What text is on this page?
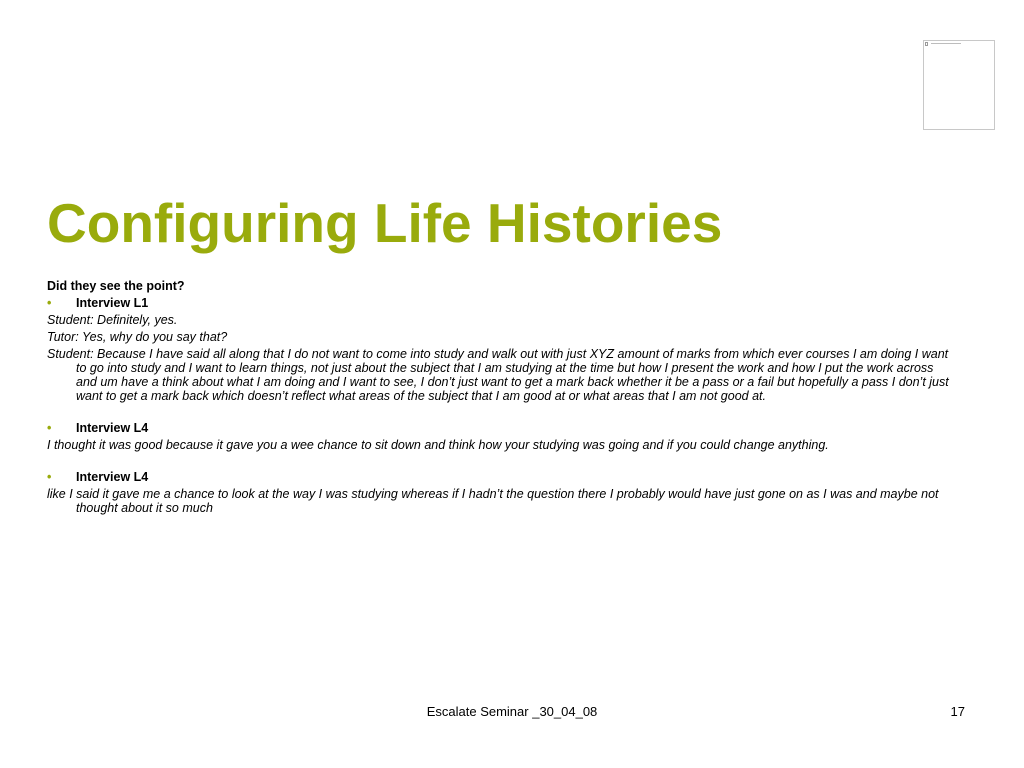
Configuring Life Histories

Did they see the point?

•	Interview L1

Student: Definitely, yes.

Tutor: Yes, why do you say that?

Student: Because I have said all along that I do not want to come into study and walk out with just XYZ amount of marks from which ever courses I am doing I want to go into study and I want to learn things, not just about the subject that I am studying at the time but how I present the work and how I put the work across and um have a think about what I am doing and I want to see, I don’t just want to get a mark back whether it be a pass or a fail but hopefully a pass I don’t just want to get a mark back which doesn’t reflect what areas of the subject that I am good at or what areas that I am not good at.

•	Interview L4

I thought it was good because it gave you a wee chance to sit down and think how your studying was going and if you could change anything.

•	Interview L4

like I said it gave me a chance to look at the way I was studying whereas if I hadn’t the question there I probably would have just gone on as I was and maybe not thought about it so much

Escalate Seminar _30_04_08	17
